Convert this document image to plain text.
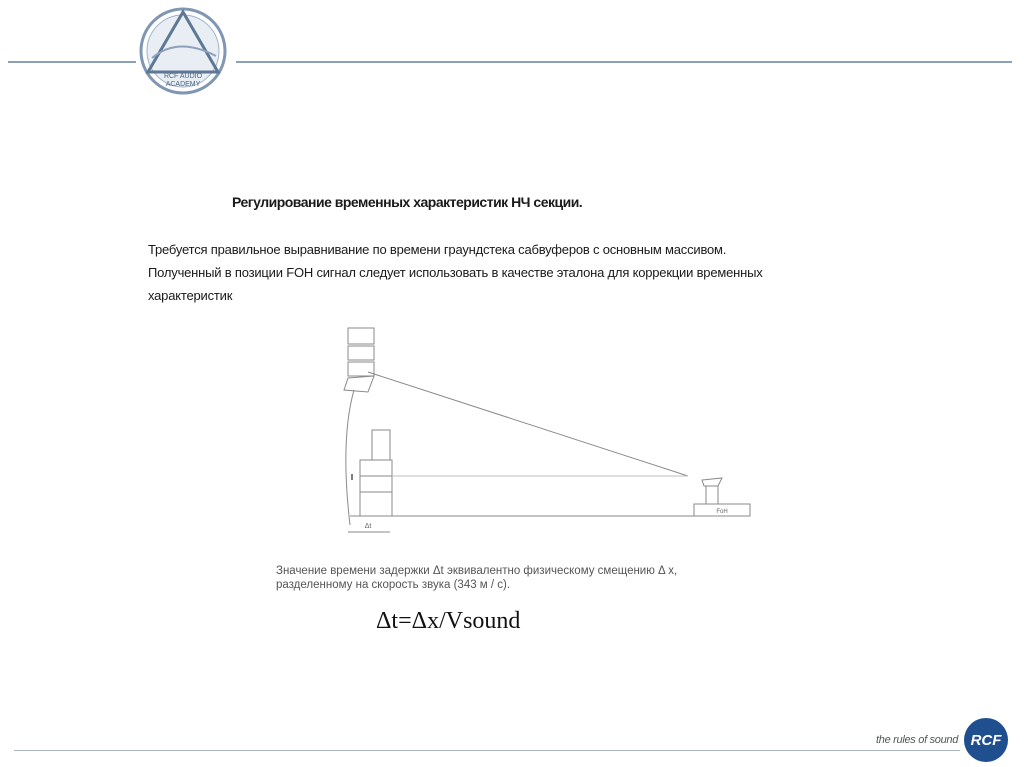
RCF AUDIO
ACADEMY
Регулирование временных характеристик НЧ секции.
Требуется правильное выравнивание по времени граундстека сабвуферов с основным массивом.
Полученный в позиции FOH сигнал следует использовать в качестве эталона для коррекции временных
характеристик
Δt
FoH
Значение времени задержки Δt эквивалентно физическому смещению Δ x,
разделенному на скорость звука (343 м / с).
Δt=Δx/Vsound
the rules of sound RCF
